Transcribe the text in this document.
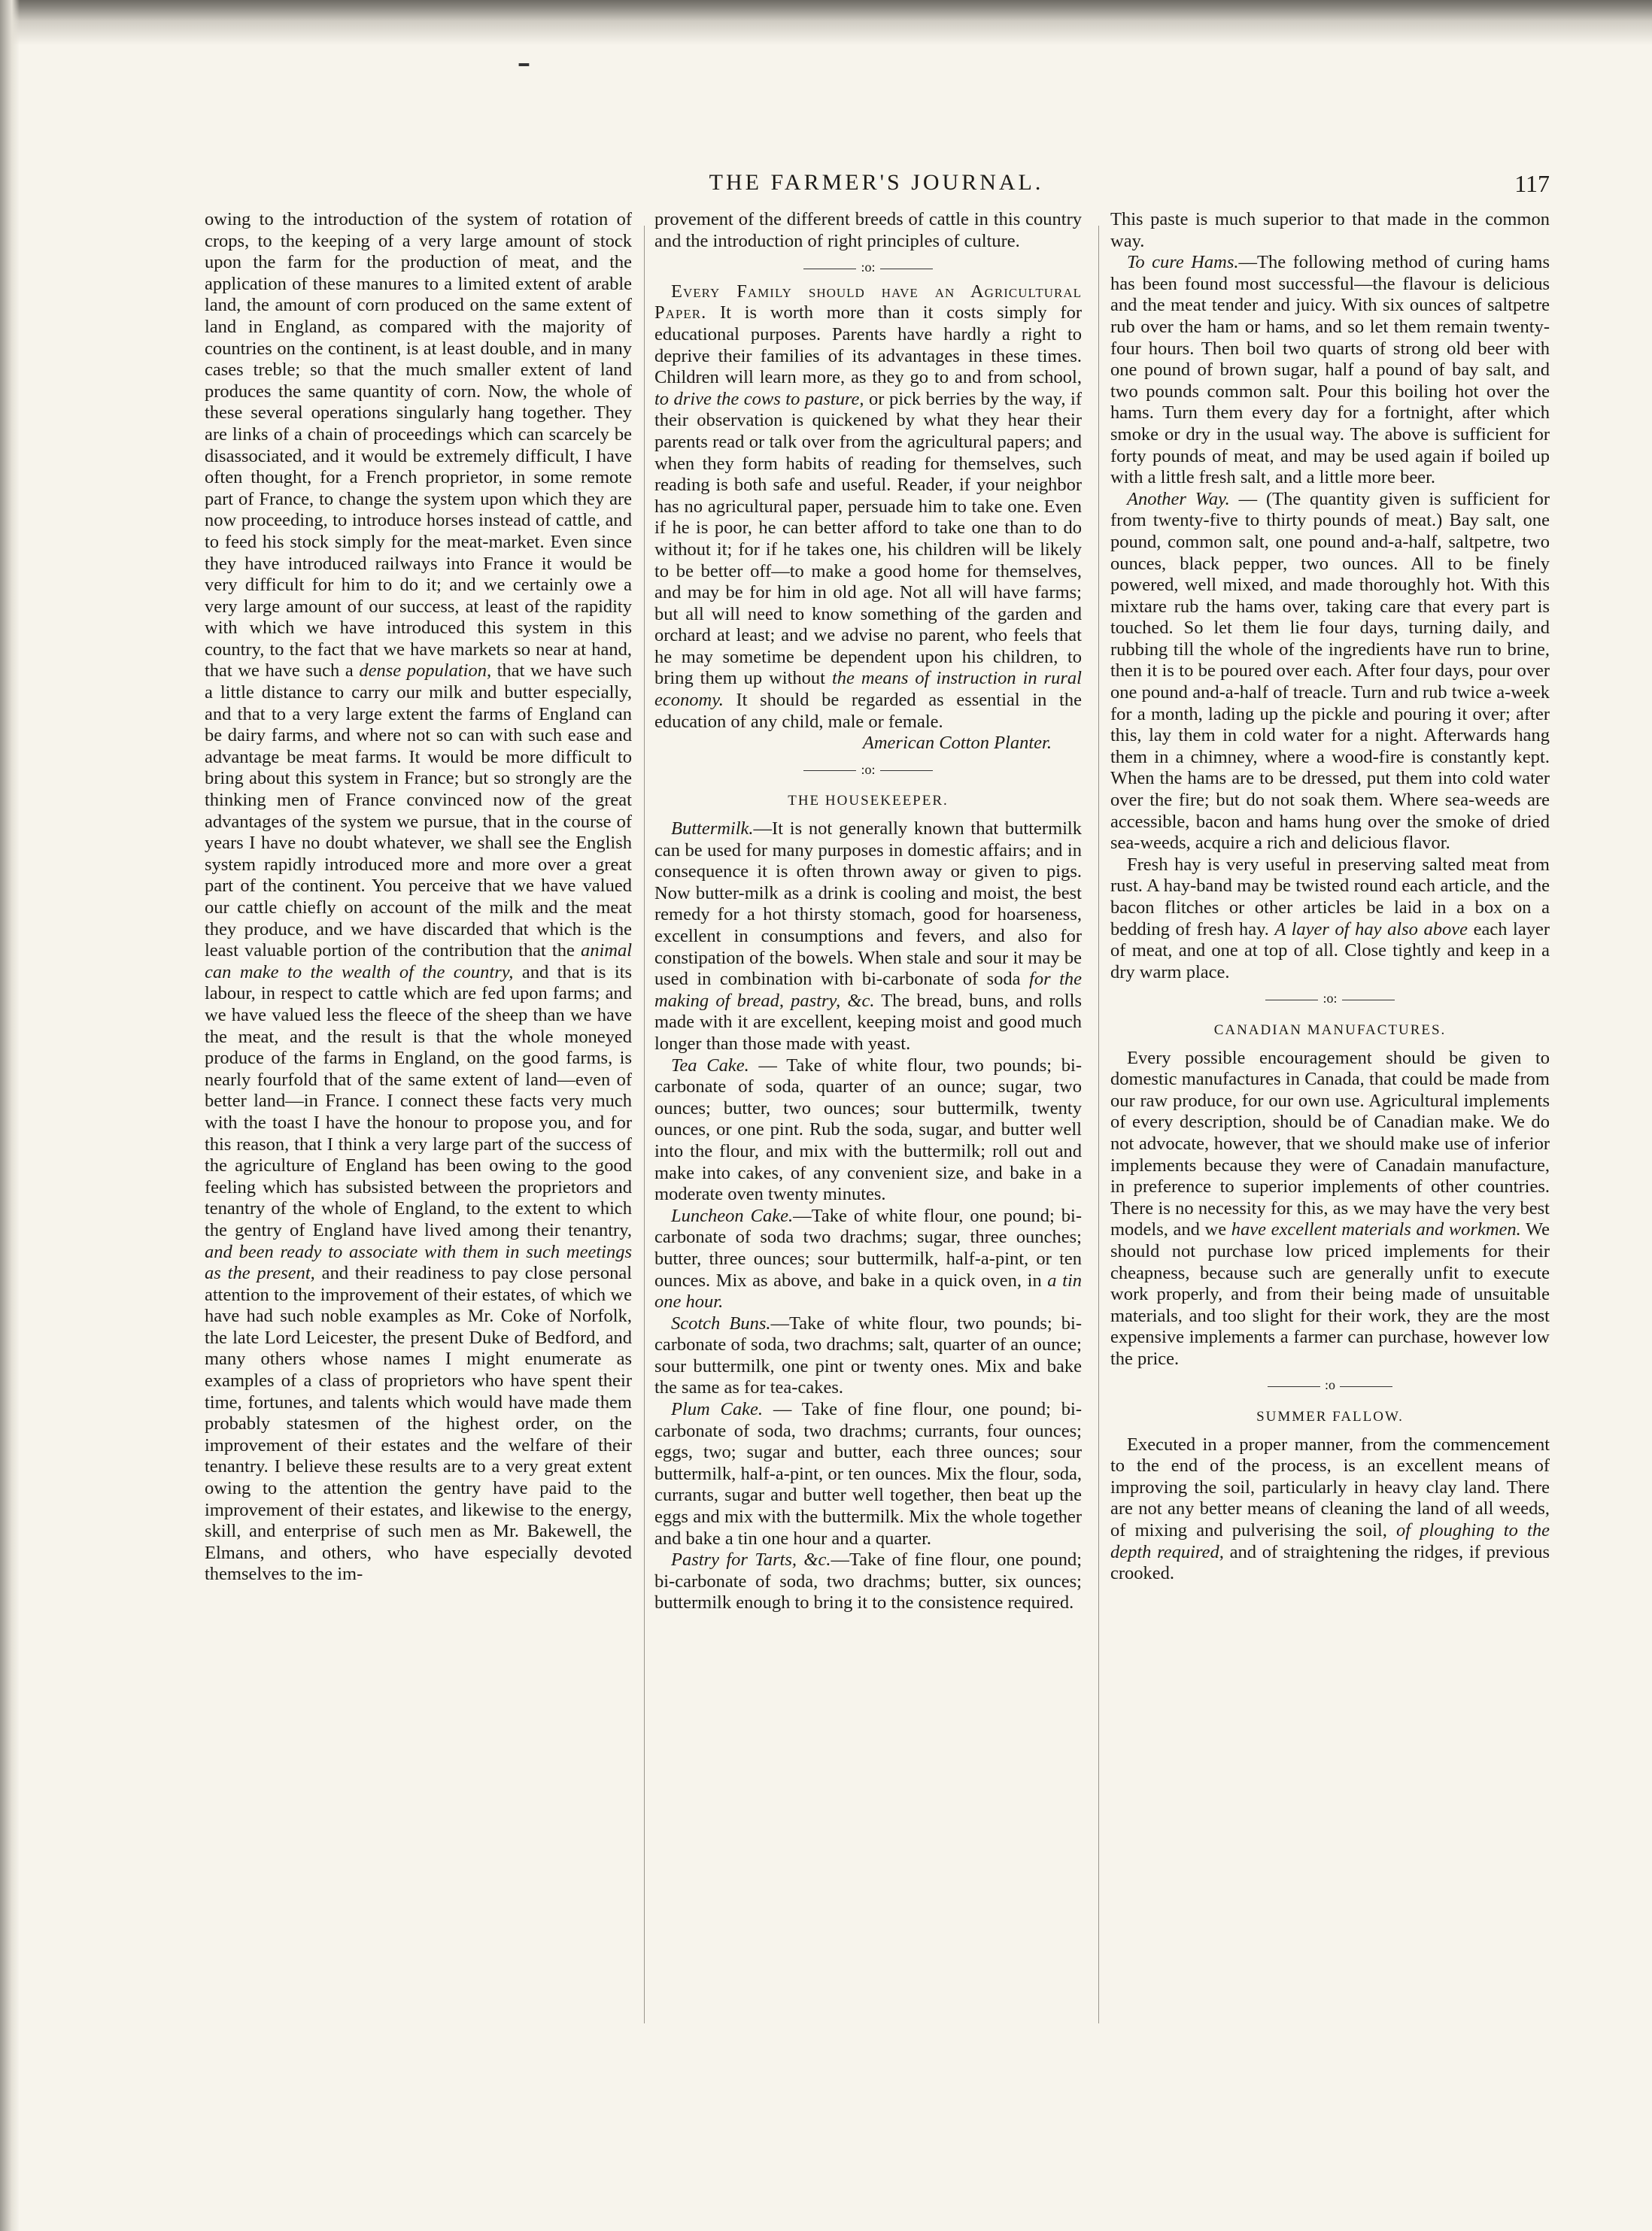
ـ
THE FARMER'S JOURNAL.	117

owing to the introduction of the system of rotation of crops, to the keeping of a very large amount of stock upon the farm for the production of meat, and the application of these manures to a limited extent of arable land, the amount of corn produced on the same extent of land in England, as compared with the majority of countries on the continent, is at least double, and in many cases treble; so that the much smaller extent of land produces the same quantity of corn. Now, the whole of these several operations singularly hang together. They are links of a chain of proceedings which can scarcely be disassociated, and it would be extremely difficult, I have often thought, for a French proprietor, in some remote part of France, to change the system upon which they are now proceeding, to introduce horses instead of cattle, and to feed his stock simply for the meat-market. Even since they have introduced railways into France it would be very difficult for him to do it; and we certainly owe a very large amount of our success, at least of the rapidity with which we have introduced this system in this country, to the fact that we have markets so near at hand, that we have such a dense population, that we have such a little distance to carry our milk and butter especially, and that to a very large extent the farms of England can be dairy farms, and where not so can with such ease and advantage be meat farms. It would be more difficult to bring about this system in France; but so strongly are the thinking men of France convinced now of the great advantages of the system we pursue, that in the course of years I have no doubt whatever, we shall see the English system rapidly introduced more and more over a great part of the continent. You perceive that we have valued our cattle chiefly on account of the milk and the meat they produce, and we have discarded that which is the least valuable portion of the contribution that the animal can make to the wealth of the country, and that is its labour, in respect to cattle which are fed upon farms; and we have valued less the fleece of the sheep than we have the meat, and the result is that the whole moneyed produce of the farms in England, on the good farms, is nearly fourfold that of the same extent of land—even of better land—in France. I connect these facts very much with the toast I have the honour to propose you, and for this reason, that I think a very large part of the success of the agriculture of England has been owing to the good feeling which has subsisted between the proprietors and tenantry of the whole of England, to the extent to which the gentry of England have lived among their tenantry, and been ready to associate with them in such meetings as the present, and their readiness to pay close personal attention to the improvement of their estates, of which we have had such noble examples as Mr. Coke of Norfolk, the late Lord Leicester, the present Duke of Bedford, and many others whose names I might enumerate as examples of a class of proprietors who have spent their time, fortunes, and talents which would have made them probably statesmen of the highest order, on the improvement of their estates and the welfare of their tenantry. I believe these results are to a very great extent owing to the attention the gentry have paid to the improvement of their estates, and likewise to the energy, skill, and enterprise of such men as Mr. Bakewell, the Elmans, and others, who have especially devoted themselves to the im-

provement of the different breeds of cattle in this country and the introduction of right principles of culture.

:o:

Every Family should have an Agricultural Paper. It is worth more than it costs simply for educational purposes. Parents have hardly a right to deprive their families of its advantages in these times. Children will learn more, as they go to and from school, to drive the cows to pasture, or pick berries by the way, if their observation is quickened by what they hear their parents read or talk over from the agricultural papers; and when they form habits of reading for themselves, such reading is both safe and useful. Reader, if your neighbor has no agricultural paper, persuade him to take one. Even if he is poor, he can better afford to take one than to do without it; for if he takes one, his children will be likely to be better off—to make a good home for themselves, and may be for him in old age. Not all will have farms; but all will need to know something of the garden and orchard at least; and we advise no parent, who feels that he may sometime be dependent upon his children, to bring them up without the means of instruction in rural economy. It should be regarded as essential in the education of any child, male or female.

American Cotton Planter.
:o:
THE HOUSEKEEPER.

Buttermilk.—It is not generally known that buttermilk can be used for many purposes in domestic affairs; and in consequence it is often thrown away or given to pigs. Now butter-milk as a drink is cooling and moist, the best remedy for a hot thirsty stomach, good for hoarseness, excellent in consumptions and fevers, and also for constipation of the bowels. When stale and sour it may be used in combination with bi-carbonate of soda for the making of bread, pastry, &c. The bread, buns, and rolls made with it are excellent, keeping moist and good much longer than those made with yeast.

Tea Cake. — Take of white flour, two pounds; bi-carbonate of soda, quarter of an ounce; sugar, two ounces; butter, two ounces; sour buttermilk, twenty ounces, or one pint. Rub the soda, sugar, and butter well into the flour, and mix with the buttermilk; roll out and make into cakes, of any convenient size, and bake in a moderate oven twenty minutes.

Luncheon Cake.—Take of white flour, one pound; bi-carbonate of soda two drachms; sugar, three ounches; butter, three ounces; sour buttermilk, half-a-pint, or ten ounces. Mix as above, and bake in a quick oven, in a tin one hour.

Scotch Buns.—Take of white flour, two pounds; bi-carbonate of soda, two drachms; salt, quarter of an ounce; sour buttermilk, one pint or twenty ones. Mix and bake the same as for tea-cakes.

Plum Cake. — Take of fine flour, one pound; bi-carbonate of soda, two drachms; currants, four ounces; eggs, two; sugar and butter, each three ounces; sour buttermilk, half-a-pint, or ten ounces. Mix the flour, soda, currants, sugar and butter well together, then beat up the eggs and mix with the buttermilk. Mix the whole together and bake a tin one hour and a quarter.

Pastry for Tarts, &c.—Take of fine flour, one pound; bi-carbonate of soda, two drachms; butter, six ounces; buttermilk enough to bring it to the consistence required.

This paste is much superior to that made in the common way.

To cure Hams.—The following method of curing hams has been found most successful—the flavour is delicious and the meat tender and juicy. With six ounces of saltpetre rub over the ham or hams, and so let them remain twenty-four hours. Then boil two quarts of strong old beer with one pound of brown sugar, half a pound of bay salt, and two pounds common salt. Pour this boiling hot over the hams. Turn them every day for a fortnight, after which smoke or dry in the usual way. The above is sufficient for forty pounds of meat, and may be used again if boiled up with a little fresh salt, and a little more beer.

Another Way. — (The quantity given is sufficient for from twenty-five to thirty pounds of meat.) Bay salt, one pound, common salt, one pound and-a-half, saltpetre, two ounces, black pepper, two ounces. All to be finely powered, well mixed, and made thoroughly hot. With this mixtare rub the hams over, taking care that every part is touched. So let them lie four days, turning daily, and rubbing till the whole of the ingredients have run to brine, then it is to be poured over each. After four days, pour over one pound and-a-half of treacle. Turn and rub twice a-week for a month, lading up the pickle and pouring it over; after this, lay them in cold water for a night. Afterwards hang them in a chimney, where a wood-fire is constantly kept. When the hams are to be dressed, put them into cold water over the fire; but do not soak them. Where sea-weeds are accessible, bacon and hams hung over the smoke of dried sea-weeds, acquire a rich and delicious flavor.

Fresh hay is very useful in preserving salted meat from rust. A hay-band may be twisted round each article, and the bacon flitches or other articles be laid in a box on a bedding of fresh hay. A layer of hay also above each layer of meat, and one at top of all. Close tightly and keep in a dry warm place.

:o:
CANADIAN MANUFACTURES.

Every possible encouragement should be given to domestic manufactures in Canada, that could be made from our raw produce, for our own use. Agricultural implements of every description, should be of Canadian make. We do not advocate, however, that we should make use of inferior implements because they were of Canadain manufacture, in preference to superior implements of other countries. There is no necessity for this, as we may have the very best models, and we have excellent materials and workmen. We should not purchase low priced implements for their cheapness, because such are generally unfit to execute work properly, and from their being made of unsuitable materials, and too slight for their work, they are the most expensive implements a farmer can purchase, however low the price.

:o
SUMMER FALLOW.

Executed in a proper manner, from the commencement to the end of the process, is an excellent means of improving the soil, particularly in heavy clay land. There are not any better means of cleaning the land of all weeds, of mixing and pulverising the soil, of ploughing to the depth required, and of straightening the ridges, if previous crooked.
